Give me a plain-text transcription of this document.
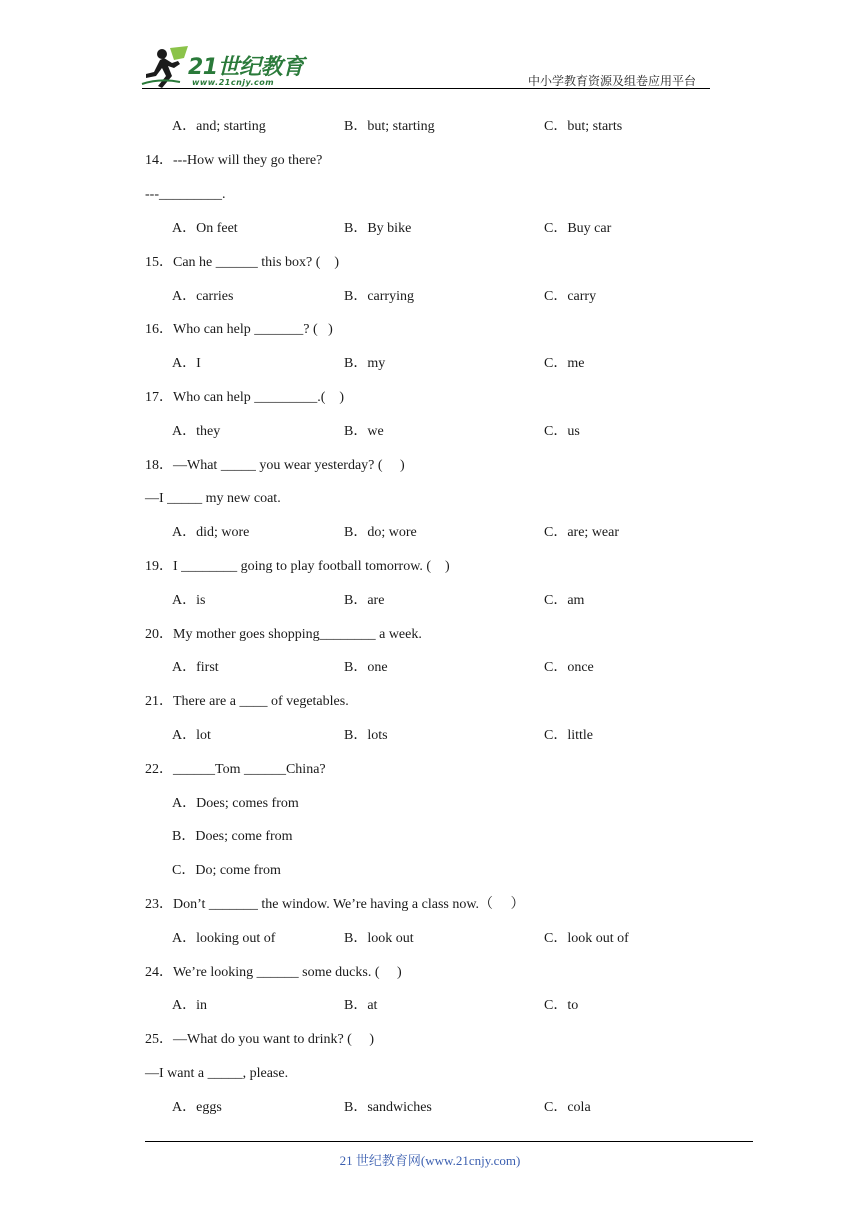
21世纪教育
www.21cnjy.com	中小学教育资源及组卷应用平台
A．and; starting	B．but; starting	C．but; starts
14．---How will they go there?
---_________.
A．On feet	B．By bike	C．Buy car
15．Can he ______ this box? (    )
A．carries	B．carrying	C．carry
16．Who can help _______? (   )
A．I	B．my	C．me
17．Who can help _________.(    )
A．they	B．we	C．us
18．—What _____ you wear yesterday? (     )
—I _____ my new coat.
A．did; wore	B．do; wore	C．are; wear
19．I ________ going to play football tomorrow. (    )
A．is	B．are	C．am
20．My mother goes shopping________ a week.
A．first	B．one	C．once
21．There are a ____ of vegetables.
A．lot	B．lots	C．little
22．______Tom ______China?
A．Does; comes from
B．Does; come from
C．Do; come from
23．Don’t _______ the window. We’re having a class now.（     ）
A．looking out of	B．look out	C．look out of
24．We’re looking ______ some ducks. (     )
A．in	B．at	C．to
25．—What do you want to drink? (     )
—I want a _____, please.
A．eggs	B．sandwiches	C．cola
21 世纪教育网(www.21cnjy.com)
